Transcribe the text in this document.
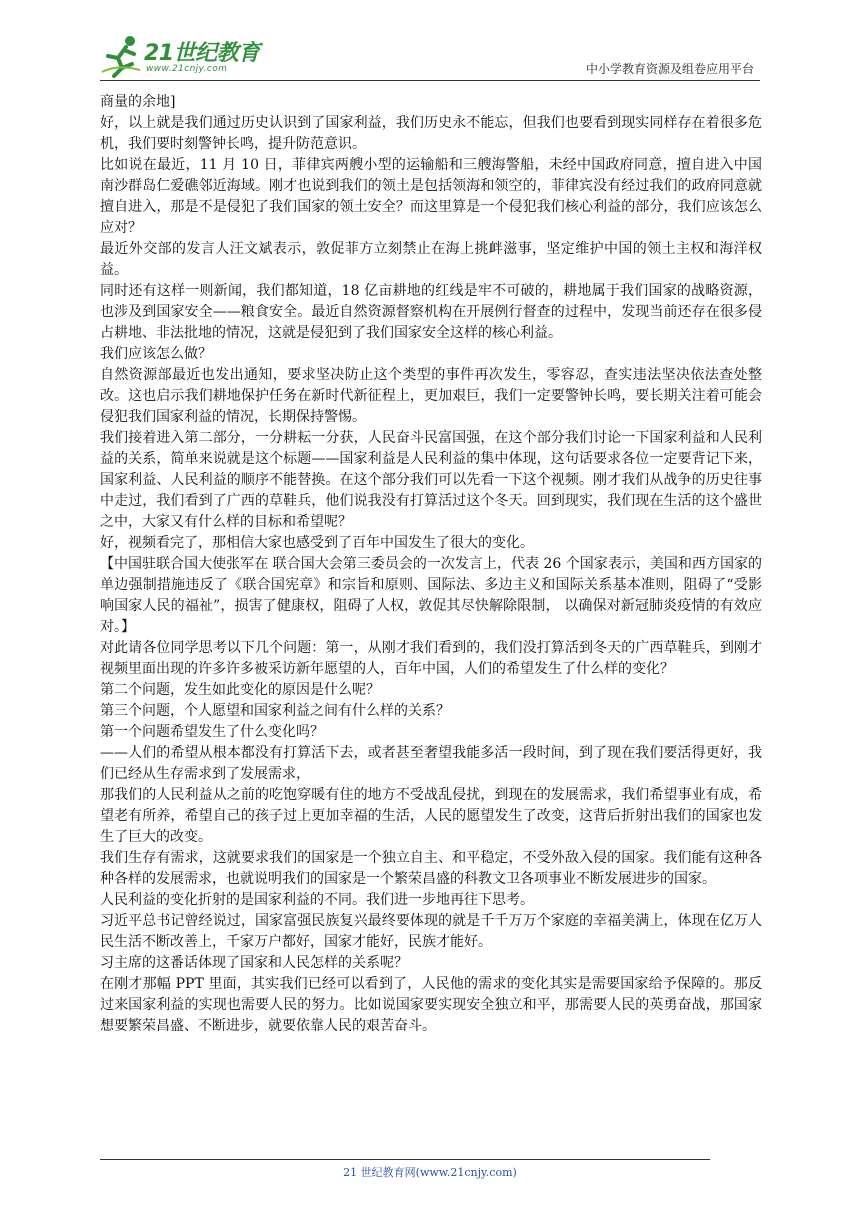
21世纪教育
www.21cnjy.com	中小学教育资源及组卷应用平台

商量的余地]

好，以上就是我们通过历史认识到了国家利益，我们历史永不能忘，但我们也要看到现实同样存在着很多危机，我们要时刻警钟长鸣，提升防范意识。

比如说在最近，11 月 10 日，菲律宾两艘小型的运输船和三艘海警船，未经中国政府同意，擅自进入中国南沙群岛仁爱礁邻近海域。刚才也说到我们的领土是包括领海和领空的，菲律宾没有经过我们的政府同意就擅自进入，那是不是侵犯了我们国家的领土安全？而这里算是一个侵犯我们核心利益的部分，我们应该怎么应对？

最近外交部的发言人汪文斌表示，敦促菲方立刻禁止在海上挑衅滋事，坚定维护中国的领土主权和海洋权益。

同时还有这样一则新闻，我们都知道，18 亿亩耕地的红线是牢不可破的，耕地属于我们国家的战略资源，也涉及到国家安全——粮食安全。最近自然资源督察机构在开展例行督查的过程中，发现当前还存在很多侵占耕地、非法批地的情况，这就是侵犯到了我们国家安全这样的核心利益。

我们应该怎么做？

自然资源部最近也发出通知，要求坚决防止这个类型的事件再次发生，零容忍，查实违法坚决依法查处整改。这也启示我们耕地保护任务在新时代新征程上，更加艰巨，我们一定要警钟长鸣，要长期关注着可能会侵犯我们国家利益的情况，长期保持警惕。

我们接着进入第二部分，一分耕耘一分获，人民奋斗民富国强，在这个部分我们讨论一下国家利益和人民利益的关系，简单来说就是这个标题——国家利益是人民利益的集中体现，这句话要求各位一定要背记下来，国家利益、人民利益的顺序不能替换。在这个部分我们可以先看一下这个视频。刚才我们从战争的历史往事中走过，我们看到了广西的草鞋兵，他们说我没有打算活过这个冬天。回到现实，我们现在生活的这个盛世之中，大家又有什么样的目标和希望呢？

好，视频看完了，那相信大家也感受到了百年中国发生了很大的变化。

【中国驻联合国大使张军在 联合国大会第三委员会的一次发言上，代表 26 个国家表示，美国和西方国家的单边强制措施违反了《联合国宪章》和宗旨和原则、国际法、多边主义和国际关系基本准则，阻碍了“受影响国家人民的福祉”，损害了健康权，阻碍了人权，敦促其尽快解除限制， 以确保对新冠肺炎疫情的有效应对。】

对此请各位同学思考以下几个问题：第一，从刚才我们看到的，我们没打算活到冬天的广西草鞋兵，到刚才视频里面出现的许多许多被采访新年愿望的人，百年中国，人们的希望发生了什么样的变化？

第二个问题，发生如此变化的原因是什么呢？

第三个问题，个人愿望和国家利益之间有什么样的关系？

第一个问题希望发生了什么变化吗？

——人们的希望从根本都没有打算活下去，或者甚至奢望我能多活一段时间，到了现在我们要活得更好，我们已经从生存需求到了发展需求，

那我们的人民利益从之前的吃饱穿暖有住的地方不受战乱侵扰，到现在的发展需求，我们希望事业有成，希望老有所养，希望自己的孩子过上更加幸福的生活，人民的愿望发生了改变，这背后折射出我们的国家也发生了巨大的改变。

我们生存有需求，这就要求我们的国家是一个独立自主、和平稳定，不受外敌入侵的国家。我们能有这种各种各样的发展需求，也就说明我们的国家是一个繁荣昌盛的科教文卫各项事业不断发展进步的国家。

人民利益的变化折射的是国家利益的不同。我们进一步地再往下思考。

习近平总书记曾经说过，国家富强民族复兴最终要体现的就是千千万万个家庭的幸福美满上，体现在亿万人民生活不断改善上，千家万户都好，国家才能好，民族才能好。

习主席的这番话体现了国家和人民怎样的关系呢？

在刚才那幅 PPT 里面，其实我们已经可以看到了，人民他的需求的变化其实是需要国家给予保障的。那反过来国家利益的实现也需要人民的努力。比如说国家要实现安全独立和平，那需要人民的英勇奋战，那国家想要繁荣昌盛、不断进步，就要依靠人民的艰苦奋斗。

21 世纪教育网(www.21cnjy.com)
